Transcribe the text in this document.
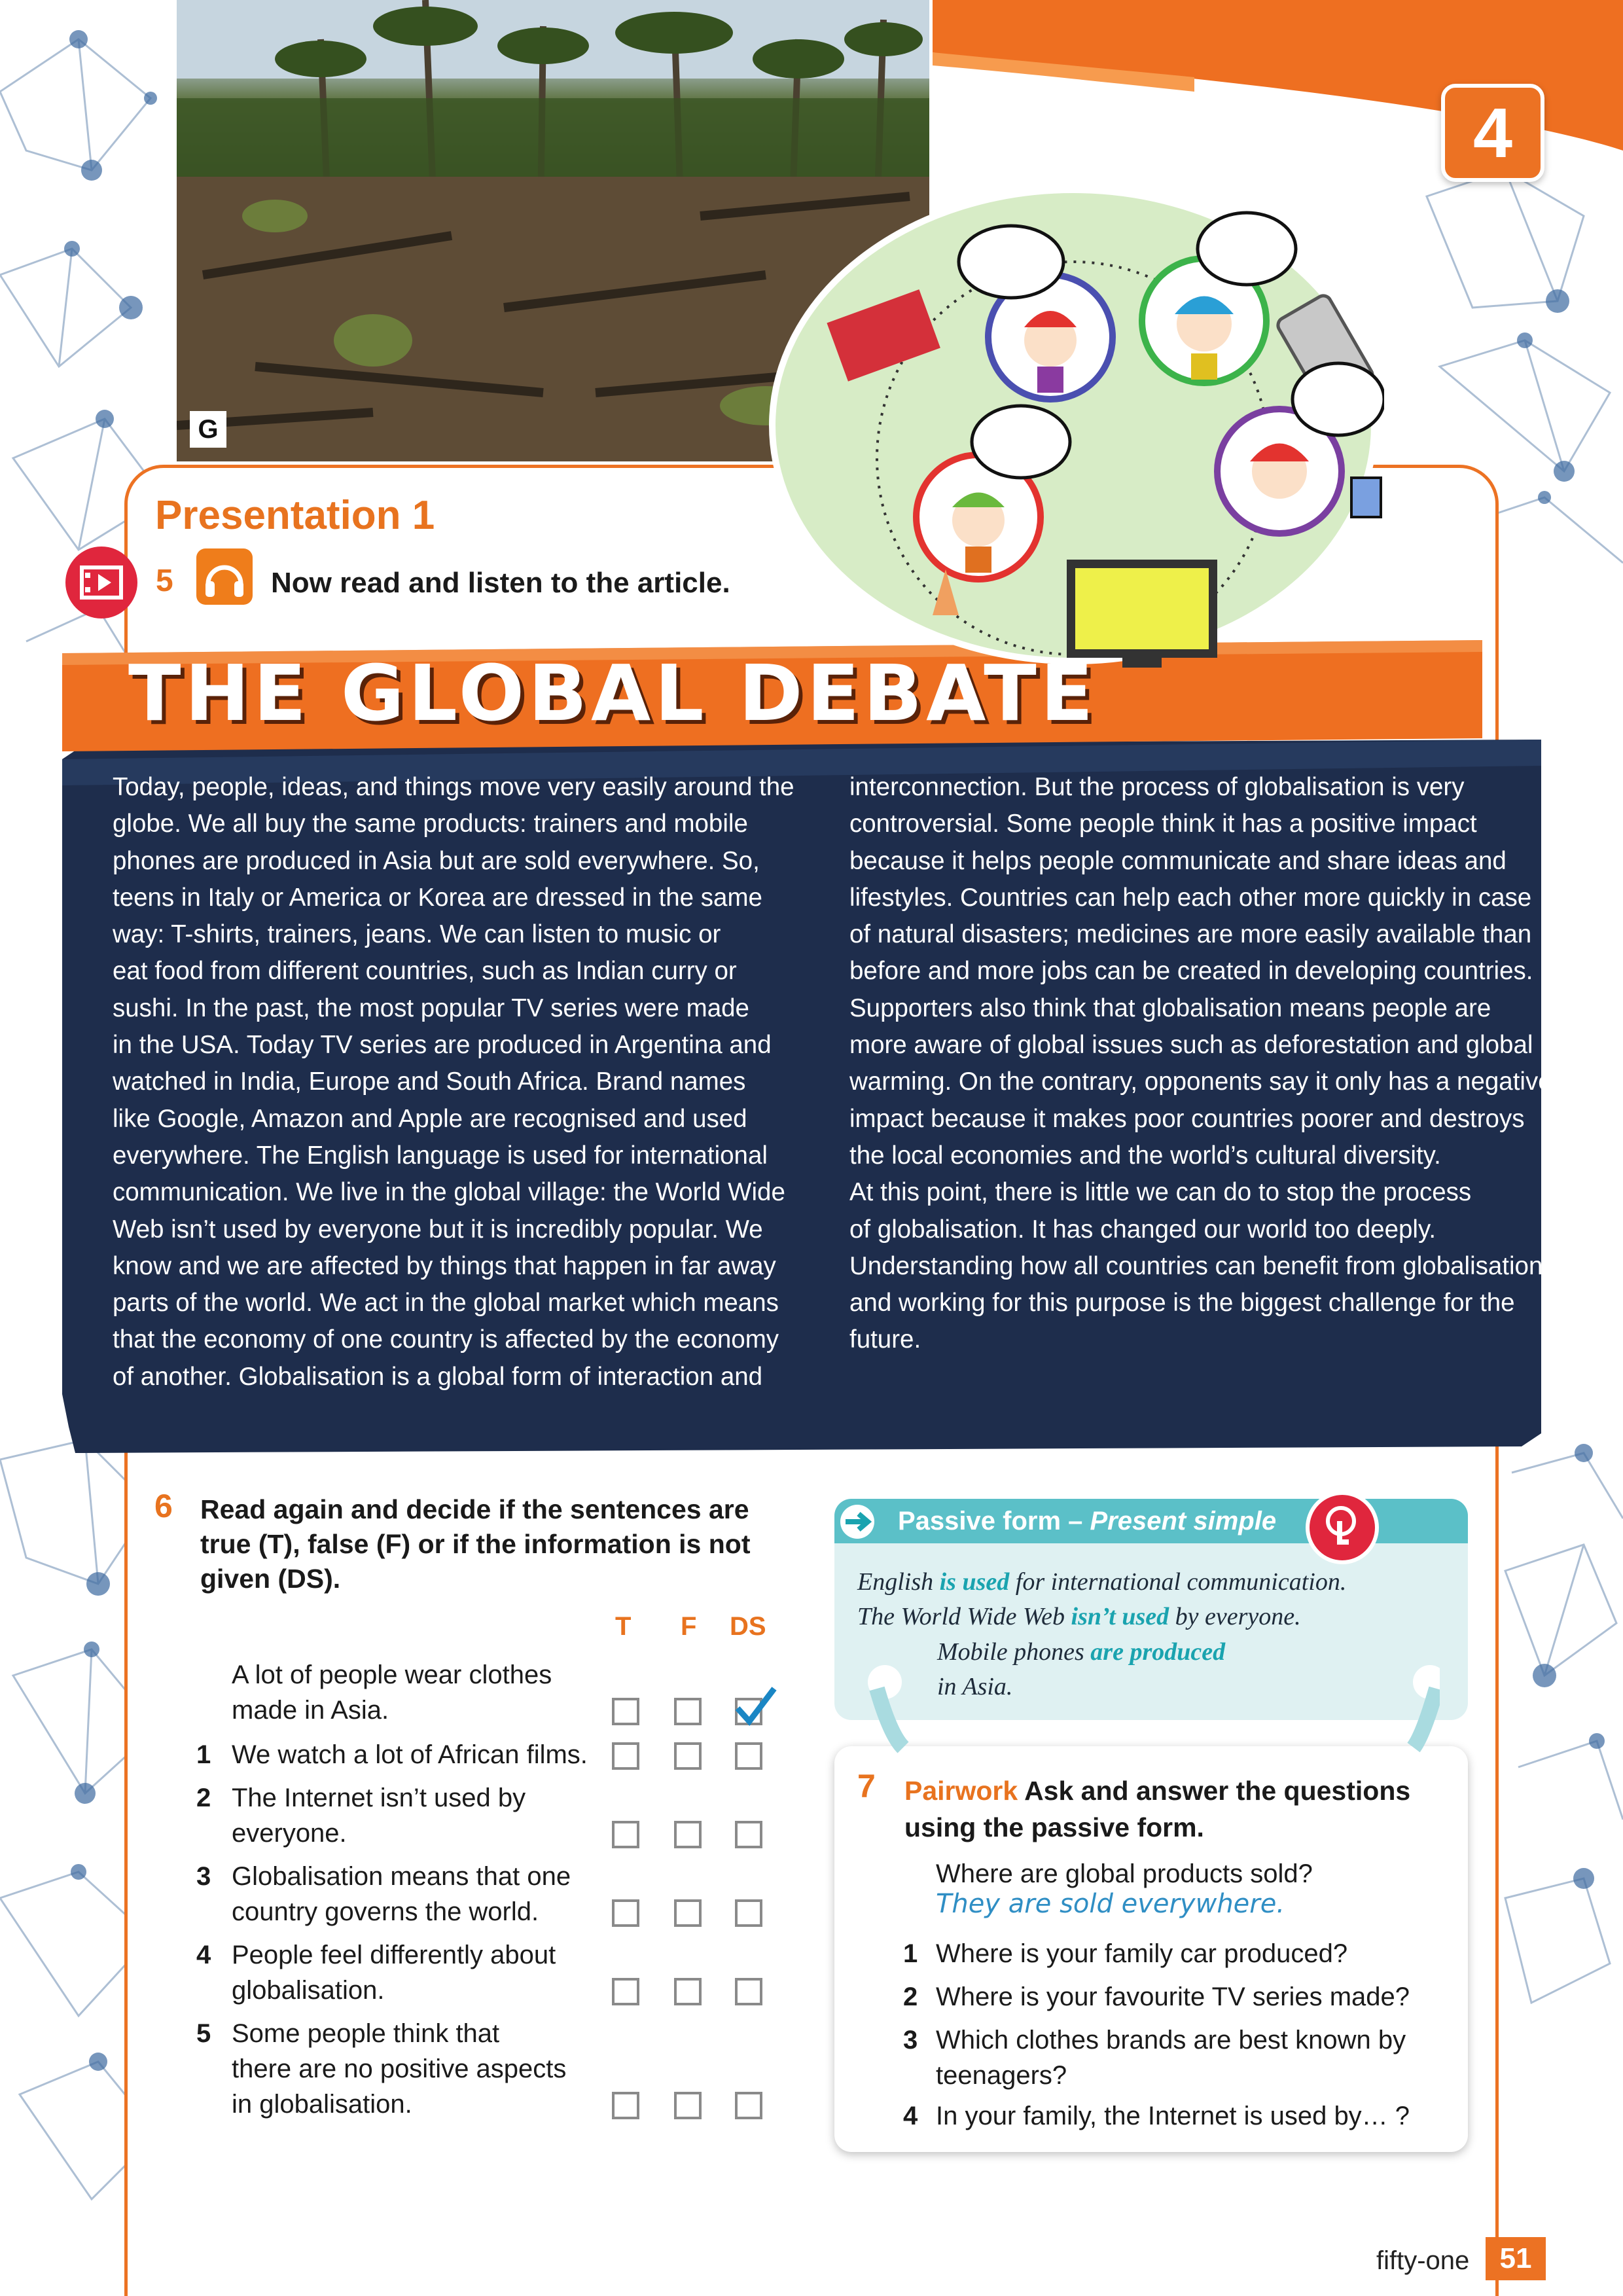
4
G
Presentation 1
5	Now read and listen to the article.
THE GLOBAL DEBATE
Today, people, ideas, and things move very easily around the
globe. We all buy the same products: trainers and mobile
phones are produced in Asia but are sold everywhere. So,
teens in Italy or America or Korea are dressed in the same
way: T-shirts, trainers, jeans. We can listen to music or
eat food from different countries, such as Indian curry or
sushi. In the past, the most popular TV series were made
in the USA. Today TV series are produced in Argentina and
watched in India, Europe and South Africa. Brand names
like Google, Amazon and Apple are recognised and used
everywhere. The English language is used for international
communication. We live in the global village: the World Wide
Web isn’t used by everyone but it is incredibly popular. We
know and we are affected by things that happen in far away
parts of the world. We act in the global market which means
that the economy of one country is affected by the economy
of another. Globalisation is a global form of interaction and
interconnection. But the process of globalisation is very
controversial. Some people think it has a positive impact
because it helps people communicate and share ideas and
lifestyles. Countries can help each other more quickly in case
of natural disasters; medicines are more easily available than
before and more jobs can be created in developing countries.
Supporters also think that globalisation means people are
more aware of global issues such as deforestation and global
warming. On the contrary, opponents say it only has a negative
impact because it makes poor countries poorer and destroys
the local economies and the world’s cultural diversity.
At this point, there is little we can do to stop the process
of globalisation. It has changed our world too deeply.
Understanding how all countries can benefit from globalisation
and working for this purpose is the biggest challenge for the
future.
6 Read again and decide if the sentences are true (T), false (F) or if the information is not given (DS).
T F DS
Passive form – Present simple
English is used for international communication.
The World Wide Web isn’t used by everyone.
Mobile phones are produced
in Asia.
7 Pairwork Ask and answer the questions using the passive form.
Where are global products sold?
They are sold everywhere.
1 Where is your family car produced?
2 Where is your favourite TV series made?
3 Which clothes brands are best known by
teenagers?
4 In your family, the Internet is used by… ?
fifty-one	51
A lot of people wear clothes
made in Asia.
1 We watch a lot of African films.
2 The Internet isn’t used by
everyone.
3 Globalisation means that one
country governs the world.
4 People feel differently about
globalisation.
5 Some people think that
there are no positive aspects
in globalisation.
